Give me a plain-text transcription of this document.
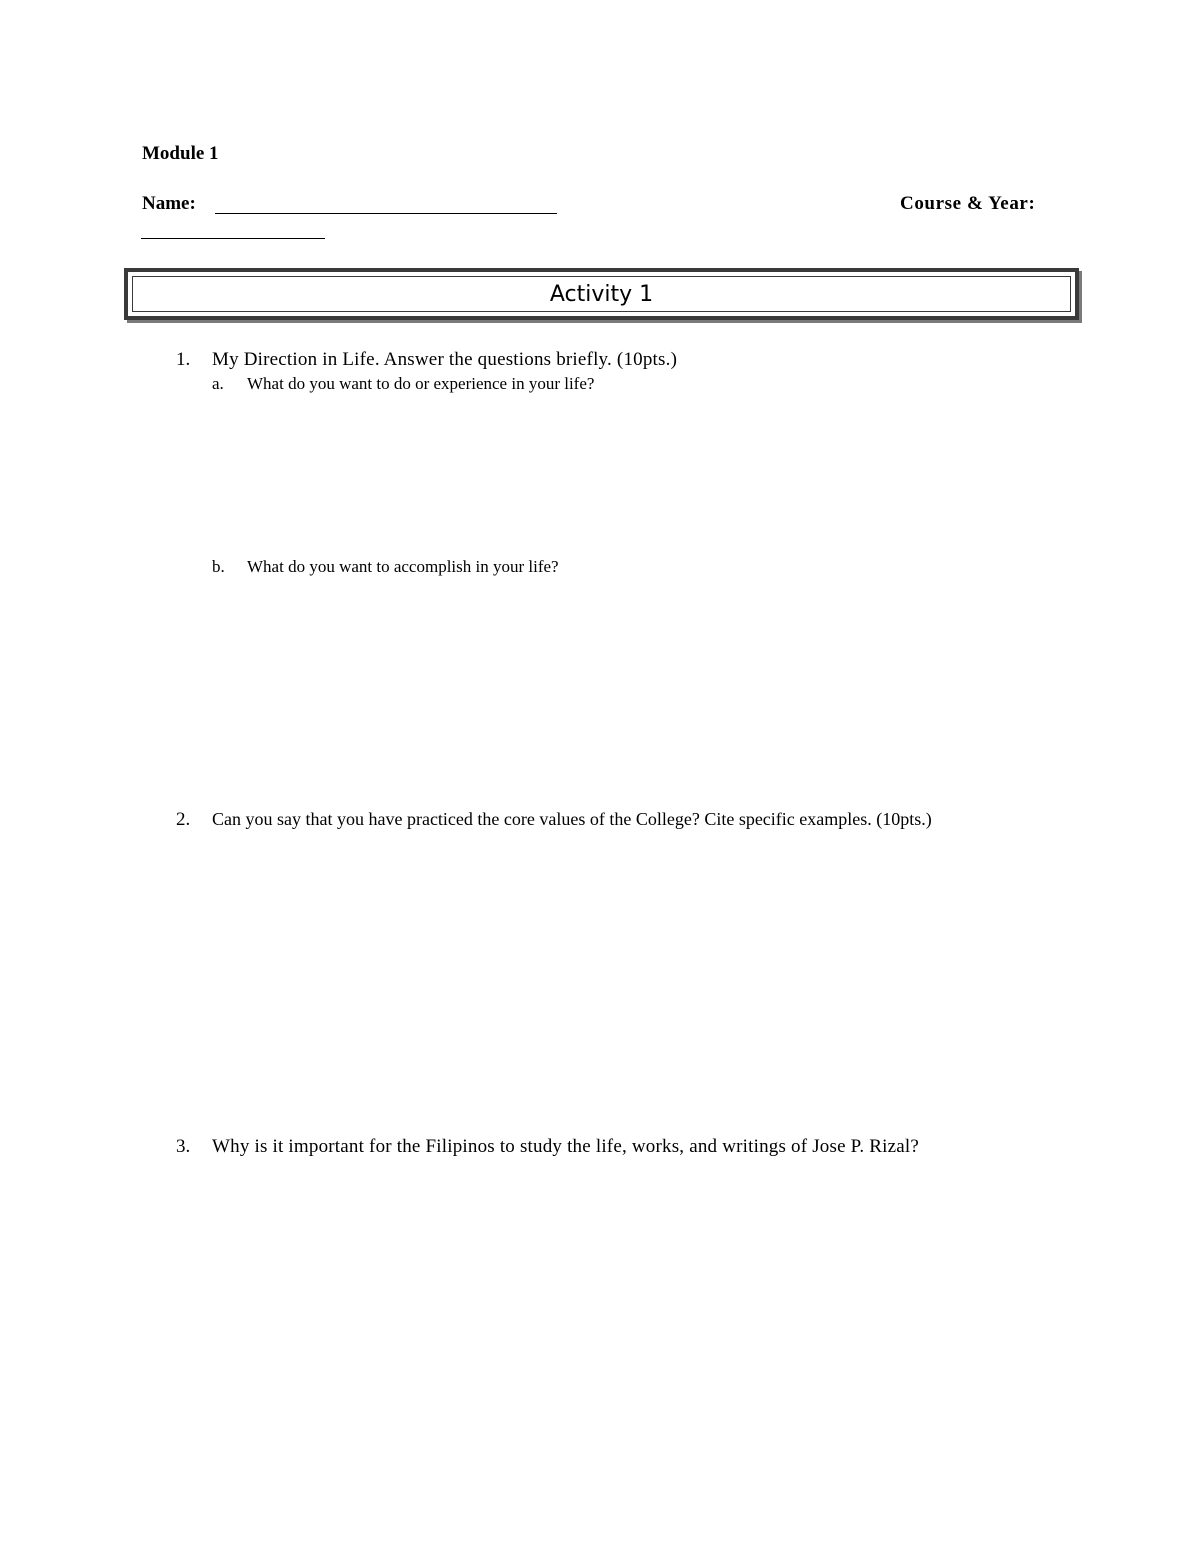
Module 1
Name:	Course & Year:
Activity 1
1. My Direction in Life. Answer the questions briefly. (10pts.)
a. What do you want to do or experience in your life?
b. What do you want to accomplish in your life?
2. Can you say that you have practiced the core values of the College? Cite specific examples. (10pts.)
3. Why is it important for the Filipinos to study the life, works, and writings of Jose P. Rizal?
